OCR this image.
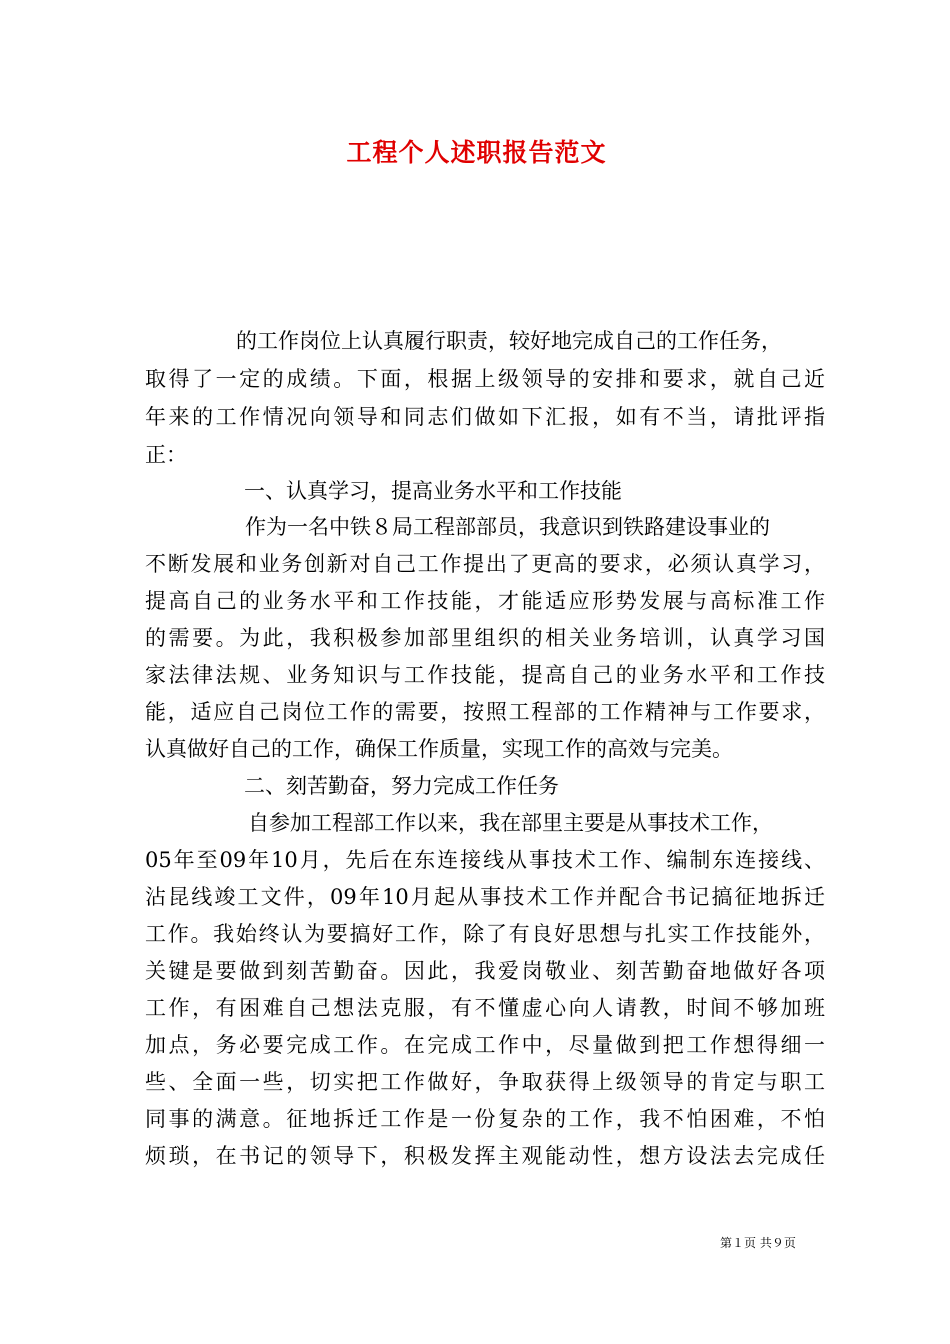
工程个人述职报告范文
的工作岗位上认真履行职责，较好地完成自己的工作任务，
取得了一定的成绩。下面，根据上级领导的安排和要求，就自己近
年来的工作情况向领导和同志们做如下汇报，如有不当，请批评指
正：
一、认真学习，提高业务水平和工作技能
作为一名中铁８局工程部部员，我意识到铁路建设事业的
不断发展和业务创新对自己工作提出了更高的要求，必须认真学习，
提高自己的业务水平和工作技能，才能适应形势发展与高标准工作
的需要。为此，我积极参加部里组织的相关业务培训，认真学习国
家法律法规、业务知识与工作技能，提高自己的业务水平和工作技
能，适应自己岗位工作的需要，按照工程部的工作精神与工作要求，
认真做好自己的工作，确保工作质量，实现工作的高效与完美。
二、刻苦勤奋，努力完成工作任务
自参加工程部工作以来，我在部里主要是从事技术工作，
05年至09年10月，先后在东连接线从事技术工作、编制东连接线、
沾昆线竣工文件，09年10月起从事技术工作并配合书记搞征地拆迁
工作。我始终认为要搞好工作，除了有良好思想与扎实工作技能外，
关键是要做到刻苦勤奋。因此，我爱岗敬业、刻苦勤奋地做好各项
工作，有困难自己想法克服，有不懂虚心向人请教，时间不够加班
加点，务必要完成工作。在完成工作中，尽量做到把工作想得细一
些、全面一些，切实把工作做好，争取获得上级领导的肯定与职工
同事的满意。征地拆迁工作是一份复杂的工作，我不怕困难，不怕
烦琐，在书记的领导下，积极发挥主观能动性，想方设法去完成任
第１页 共９页
